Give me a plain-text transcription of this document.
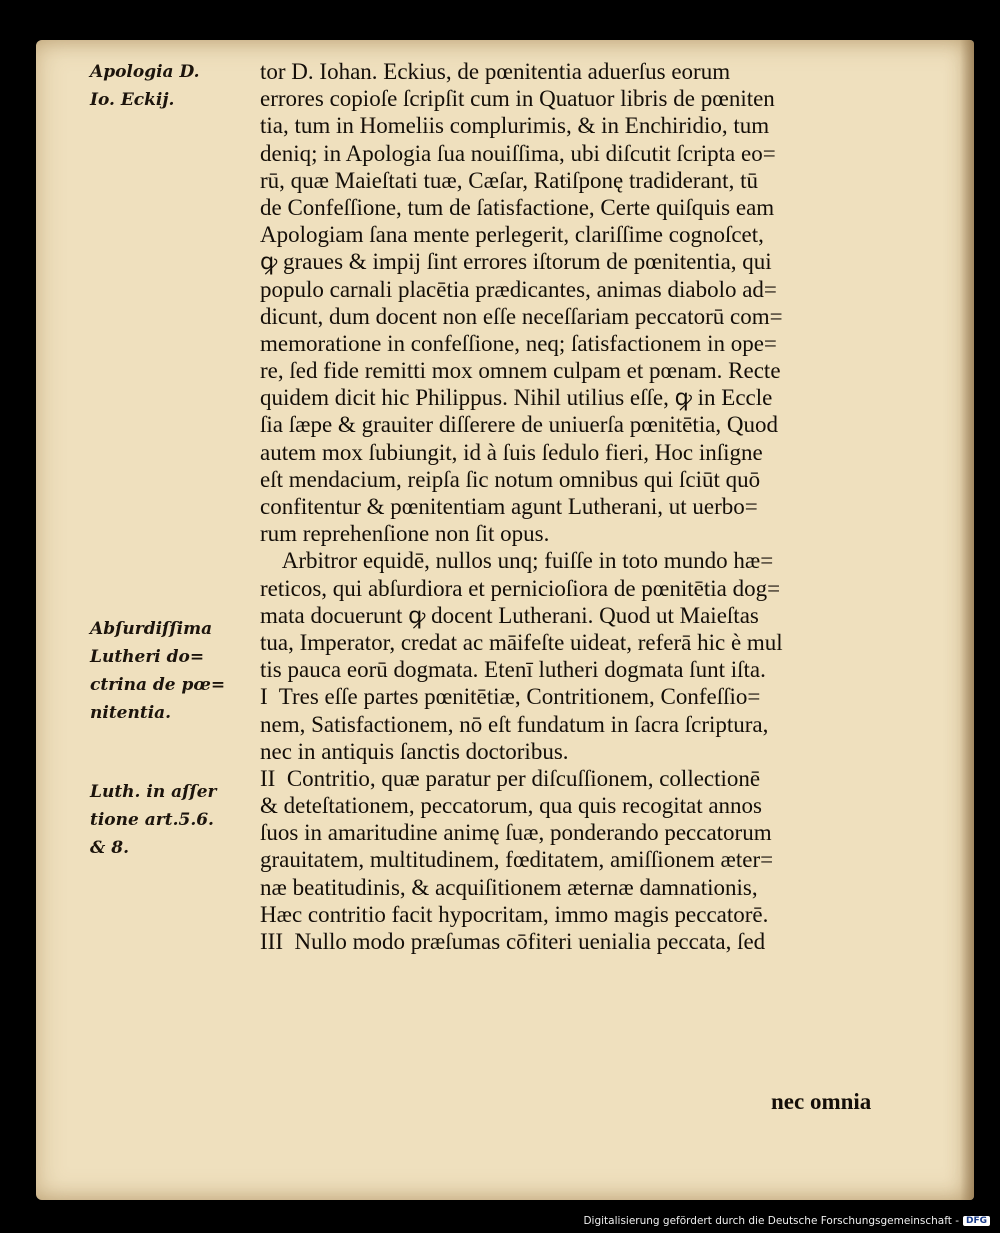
Apologia D.
Io. Eckij.
Abſurdiſſima
Lutheri do=
ctrina de pœ=
nitentia.
Luth. in aſſer
tione art.5.6.
& 8.
tor D. Iohan. Eckius, de pœnitentia aduerſus eorum
errores copioſe ſcripſit cum in Quatuor libris de pœniten
tia, tum in Homeliis complurimis, & in Enchiridio, tum
deniq; in Apologia ſua nouiſſima, ubi diſcutit ſcripta eo=
rū, quæ Maieſtati tuæ, Cæſar, Ratiſponę tradiderant, tū
de Confeſſione, tum de ſatisfactione, Certe quiſquis eam
Apologiam ſana mente perlegerit, clariſſime cognoſcet,
ꝙ graues & impij ſint errores iſtorum de pœnitentia, qui
populo carnali placētia prædicantes, animas diabolo ad=
dicunt, dum docent non eſſe neceſſariam peccatorū com=
memoratione in confeſſione, neq; ſatisfactionem in ope=
re, ſed fide remitti mox omnem culpam et pœnam. Recte
quidem dicit hic Philippus. Nihil utilius eſſe, ꝙ in Eccle
ſia ſæpe & grauiter diſſerere de uniuerſa pœnitētia, Quod
autem mox ſubiungit, id à ſuis ſedulo fieri, Hoc inſigne
eſt mendacium, reipſa ſic notum omnibus qui ſciūt quō
confitentur & pœnitentiam agunt Lutherani, ut uerbo=
rum reprehenſione non ſit opus.
Arbitror equidē, nullos unq; fuiſſe in toto mundo hæ=
reticos, qui abſurdiora et pernicioſiora de pœnitētia dog=
mata docuerunt ꝙ docent Lutherani. Quod ut Maieſtas
tua, Imperator, credat ac māifeſte uideat, referā hic è mul
tis pauca eorū dogmata. Etenī lutheri dogmata ſunt iſta.
I  Tres eſſe partes pœnitētiæ, Contritionem, Confeſſio=
nem, Satisfactionem, nō eſt fundatum in ſacra ſcriptura,
nec in antiquis ſanctis doctoribus.
II  Contritio, quæ paratur per diſcuſſionem, collectionē
& deteſtationem, peccatorum, qua quis recogitat annos
ſuos in amaritudine animę ſuæ, ponderando peccatorum
grauitatem, multitudinem, fœditatem, amiſſionem æter=
næ beatitudinis, & acquiſitionem æternæ damnationis,
Hæc contritio facit hypocritam, immo magis peccatorē.
III  Nullo modo præſumas cōfiteri uenialia peccata, ſed
nec omnia
Digitalisierung gefördert durch die Deutsche Forschungsgemeinschaft - DFG
